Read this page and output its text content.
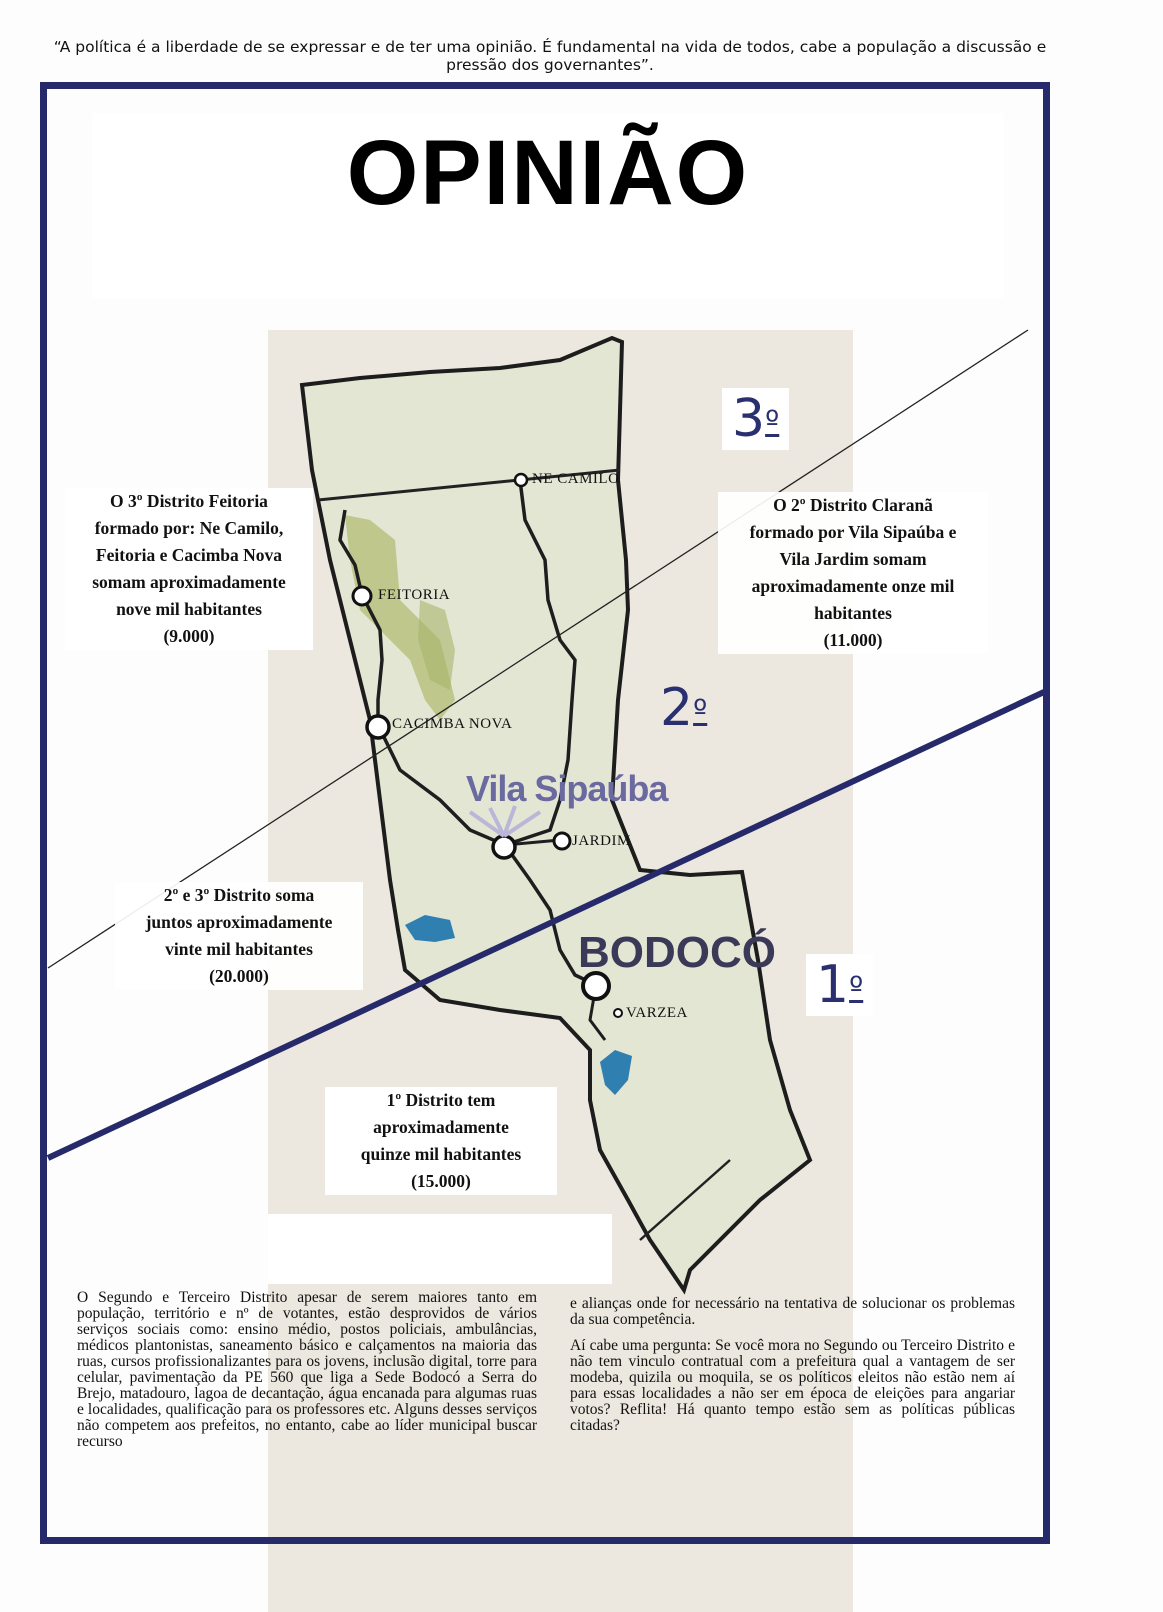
“A política é a liberdade de se expressar e de ter uma opinião. É fundamental na vida de todos, cabe a população a discussão e pressão dos governantes”.
OPINIÃO
NE CAMILO
FEITORIA
CACIMBA NOVA
Vila Sipaúba
JARDIM
BODOCÓ
VARZEA
$3^º$
$2^º$
$1^º$
O 3º Distrito Feitoria
formado por: Ne Camilo,
Feitoria e Cacimba Nova
somam aproximadamente
nove mil habitantes
(9.000)
O 2º Distrito Claranã
formado por Vila Sipaúba e
Vila Jardim somam
aproximadamente onze mil
habitantes
(11.000)
2º e 3º Distrito soma
juntos aproximadamente
vinte mil habitantes
(20.000)
1º Distrito tem
aproximadamente
quinze mil habitantes
(15.000)
O Segundo e Terceiro Distrito apesar de serem maiores tanto em população, território e nº de votantes, estão desprovidos de vários serviços sociais como: ensino médio, postos policiais, ambulâncias, médicos plantonistas, saneamento básico e calçamentos na maioria das ruas, cursos profissionalizantes para os jovens, inclusão digital, torre para celular, pavimentação da PE 560 que liga a Sede Bodocó a Serra do Brejo, matadouro, lagoa de decantação, água encanada para algumas ruas e localidades, qualificação para os professores etc. Alguns desses serviços não competem aos prefeitos, no entanto, cabe ao líder municipal buscar recurso

e alianças onde for necessário na tentativa de solucionar os problemas da sua competência.

Aí cabe uma pergunta: Se você mora no Segundo ou Terceiro Distrito e não tem vinculo contratual com a prefeitura qual a vantagem de ser modeba, quizila ou moquila, se os políticos eleitos não estão nem aí para essas localidades a não ser em época de eleições para angariar votos? Reflita! Há quanto tempo estão sem as políticas públicas citadas?
